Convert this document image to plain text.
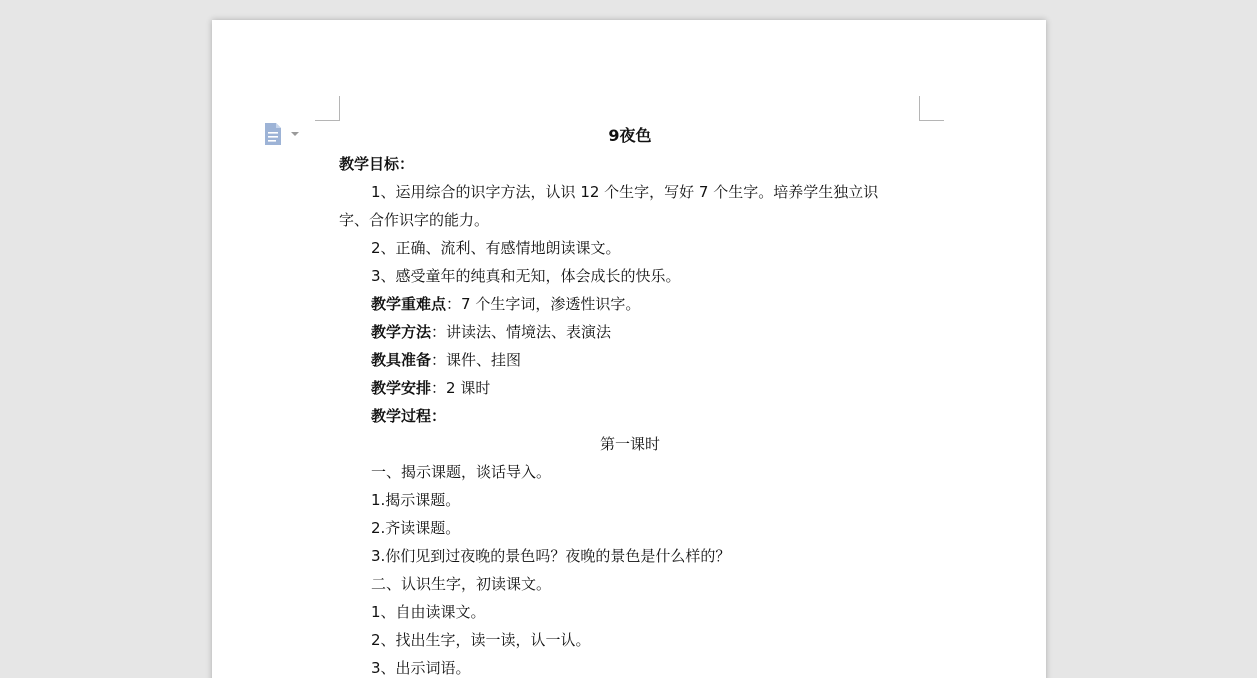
9夜色
教学目标：
1、运用综合的识字方法，认识 12 个生字，写好 7 个生字。培养学生独立识
字、合作识字的能力。
2、正确、流利、有感情地朗读课文。
3、感受童年的纯真和无知，体会成长的快乐。
教学重难点：7 个生字词，渗透性识字。
教学方法：讲读法、情境法、表演法
教具准备：课件、挂图
教学安排：2 课时
教学过程：
第一课时
一、揭示课题，谈话导入。
1.揭示课题。
2.齐读课题。
3.你们见到过夜晚的景色吗？夜晚的景色是什么样的？
二、认识生字，初读课文。
1、自由读课文。
2、找出生字，读一读，认一认。
3、出示词语。
